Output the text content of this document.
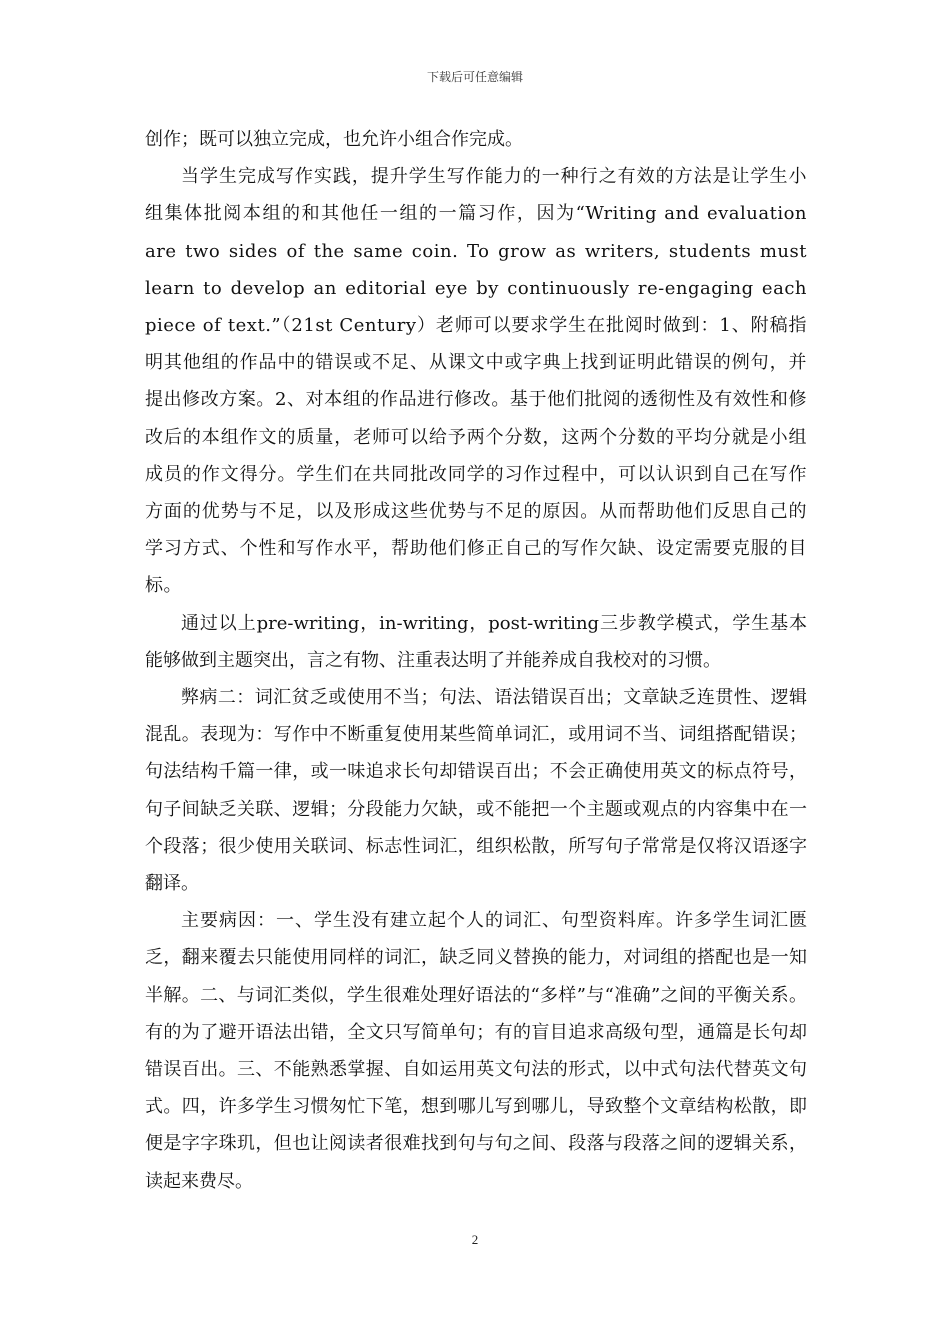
下载后可任意编辑

创作；既可以独立完成，也允许小组合作完成。

当学生完成写作实践，提升学生写作能力的一种行之有效的方法是让学生小组集体批阅本组的和其他任一组的一篇习作，因为“Writing and evaluation are two sides of the same coin. To grow as writers, students must learn to develop an editorial eye by continuously re-engaging each piece of text.”（21st Century）老师可以要求学生在批阅时做到：1、附稿指明其他组的作品中的错误或不足、从课文中或字典上找到证明此错误的例句，并提出修改方案。2、对本组的作品进行修改。基于他们批阅的透彻性及有效性和修改后的本组作文的质量，老师可以给予两个分数，这两个分数的平均分就是小组成员的作文得分。学生们在共同批改同学的习作过程中，可以认识到自己在写作方面的优势与不足，以及形成这些优势与不足的原因。从而帮助他们反思自己的学习方式、个性和写作水平，帮助他们修正自己的写作欠缺、设定需要克服的目标。

通过以上pre-writing，in-writing，post-writing三步教学模式，学生基本能够做到主题突出，言之有物、注重表达明了并能养成自我校对的习惯。

弊病二：词汇贫乏或使用不当；句法、语法错误百出；文章缺乏连贯性、逻辑混乱。表现为：写作中不断重复使用某些简单词汇，或用词不当、词组搭配错误；句法结构千篇一律，或一味追求长句却错误百出；不会正确使用英文的标点符号，句子间缺乏关联、逻辑；分段能力欠缺，或不能把一个主题或观点的内容集中在一个段落；很少使用关联词、标志性词汇，组织松散，所写句子常常是仅将汉语逐字翻译。

主要病因：一、学生没有建立起个人的词汇、句型资料库。许多学生词汇匮乏，翻来覆去只能使用同样的词汇，缺乏同义替换的能力，对词组的搭配也是一知半解。二、与词汇类似，学生很难处理好语法的“多样”与“准确”之间的平衡关系。有的为了避开语法出错，全文只写简单句；有的盲目追求高级句型，通篇是长句却错误百出。三、不能熟悉掌握、自如运用英文句法的形式，以中式句法代替英文句式。四，许多学生习惯匆忙下笔，想到哪儿写到哪儿，导致整个文章结构松散，即便是字字珠玑，但也让阅读者很难找到句与句之间、段落与段落之间的逻辑关系，读起来费尽。

2
